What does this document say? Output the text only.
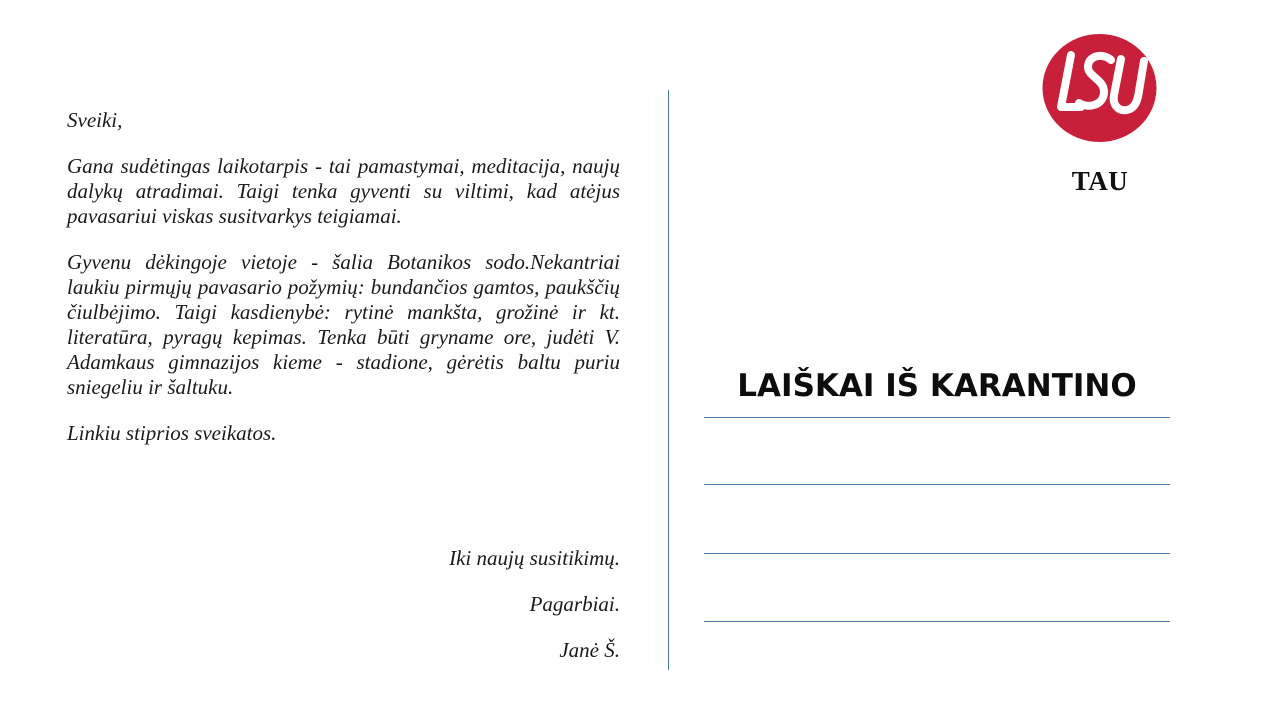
Sveiki,

Gana sudėtingas laikotarpis - tai pamastymai, meditacija, naujų dalykų atradimai. Taigi tenka gyventi su viltimi, kad atėjus pavasariui viskas susitvarkys teigiamai.

Gyvenu dėkingoje vietoje - šalia Botanikos sodo.Nekantriai laukiu pirmųjų pavasario požymių: bundančios gamtos, paukščių čiulbėjimo. Taigi kasdienybė: rytinė mankšta, grožinė ir kt. literatūra, pyragų kepimas. Tenka būti gryname ore, judėti V. Adamkaus gimnazijos kieme - stadione, gėrėtis baltu puriu sniegeliu ir šaltuku.

Linkiu stiprios sveikatos.

Iki naujų susitikimų.
Pagarbiai.
Janė Š.
TAU
LAIŠKAI IŠ KARANTINO
